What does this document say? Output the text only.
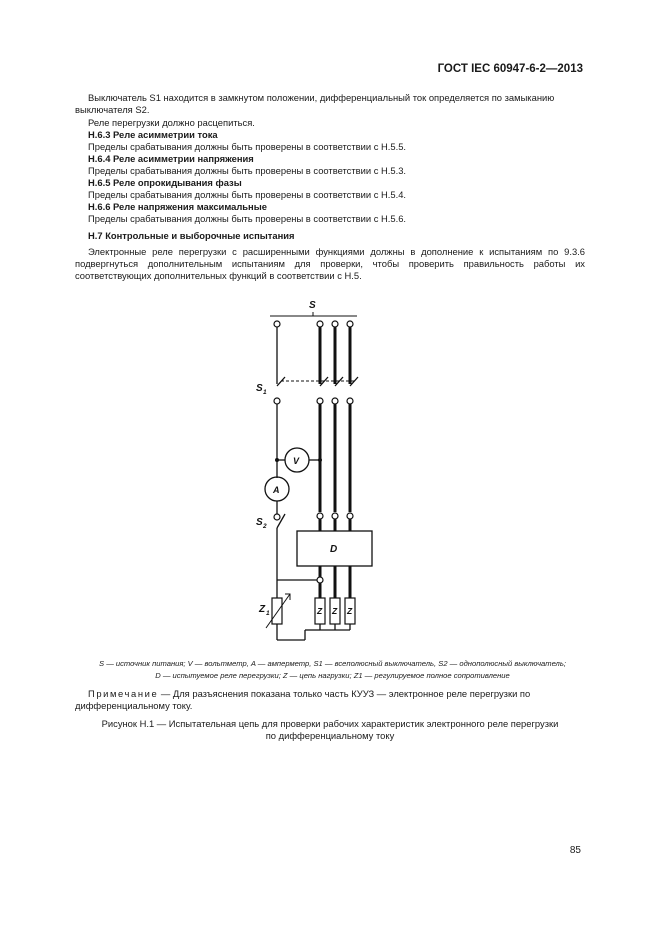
ГОСТ IEC 60947-6-2—2013
Выключатель S1 находится в замкнутом положении, дифференциальный ток определяется по замыканию выключателя S2.
Реле перегрузки должно расцепиться.
H.6.3 Реле асимметрии тока
Пределы срабатывания должны быть проверены в соответствии с H.5.5.
H.6.4 Реле асимметрии напряжения
Пределы срабатывания должны быть проверены в соответствии с H.5.3.
H.6.5 Реле опрокидывания фазы
Пределы срабатывания должны быть проверены в соответствии с H.5.4.
H.6.6 Реле напряжения максимальные
Пределы срабатывания должны быть проверены в соответствии с H.5.6.
H.7 Контрольные и выборочные испытания
Электронные реле перегрузки с расширенными функциями должны в дополнение к испытаниям по 9.3.6 подвергнуться дополнительным испытаниям для проверки, чтобы проверить правильность работы их соответствующих дополнительных функций в соответствии с H.5.
S
S 1
V
A
S 2
D
Z 1	Z Z Z
S — источник питания; V — вольтметр, A — амперметр, S1 — всеполюсный выключатель, S2 — однополюсный выключатель;
D — испытуемое реле перегрузки; Z — цепь нагрузки; Z1 — регулируемое полное сопротивление
Примечание — Для разъяснения показана только часть КУУЗ — электронное реле перегрузки по дифференциальному току.
Рисунок H.1 — Испытательная цепь для проверки рабочих характеристик электронного реле перегрузки
по дифференциальному току
85
